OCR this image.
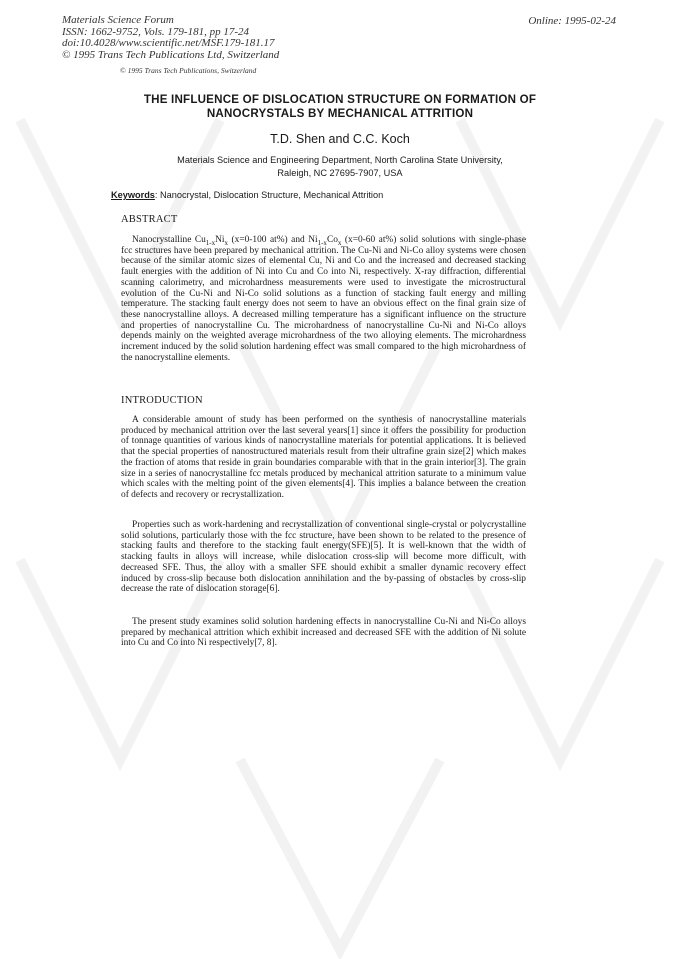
Materials Science Forum
ISSN: 1662-9752, Vols. 179-181, pp 17-24
doi:10.4028/www.scientific.net/MSF.179-181.17
© 1995 Trans Tech Publications Ltd, Switzerland
Online: 1995-02-24
© 1995 Trans Tech Publications, Switzerland
THE INFLUENCE OF DISLOCATION STRUCTURE ON FORMATION OF
NANOCRYSTALS BY MECHANICAL ATTRITION
T.D. Shen and C.C. Koch
Materials Science and Engineering Department, North Carolina State University,
Raleigh, NC 27695-7907, USA
Keywords: Nanocrystal, Dislocation Structure, Mechanical Attrition
ABSTRACT
Nanocrystalline $Cu_{1-x}Ni_x$ (x=0-100 at%) and $Ni_{1-x}Co_x$ (x=0-60 at%) solid solutions with single-phase fcc structures have been prepared by mechanical attrition. The Cu-Ni and Ni-Co alloy systems were chosen because of the similar atomic sizes of elemental Cu, Ni and Co and the increased and decreased stacking fault energies with the addition of Ni into Cu and Co into Ni, respectively. X-ray diffraction, differential scanning calorimetry, and microhardness measurements were used to investigate the microstructural evolution of the Cu-Ni and Ni-Co solid solutions as a function of stacking fault energy and milling temperature. The stacking fault energy does not seem to have an obvious effect on the final grain size of these nanocrystalline alloys. A decreased milling temperature has a significant influence on the structure and properties of nanocrystalline Cu. The microhardness of nanocrystalline Cu-Ni and Ni-Co alloys depends mainly on the weighted average microhardness of the two alloying elements. The microhardness increment induced by the solid solution hardening effect was small compared to the high microhardness of the nanocrystalline elements.
INTRODUCTION
A considerable amount of study has been performed on the synthesis of nanocrystalline materials produced by mechanical attrition over the last several years[1] since it offers the possibility for production of tonnage quantities of various kinds of nanocrystalline materials for potential applications. It is believed that the special properties of nanostructured materials result from their ultrafine grain size[2] which makes the fraction of atoms that reside in grain boundaries comparable with that in the grain interior[3]. The grain size in a series of nanocrystalline fcc metals produced by mechanical attrition saturate to a minimum value which scales with the melting point of the given elements[4]. This implies a balance between the creation of defects and recovery or recrystallization.
Properties such as work-hardening and recrystallization of conventional single-crystal or polycrystalline solid solutions, particularly those with the fcc structure, have been shown to be related to the presence of stacking faults and therefore to the stacking fault energy(SFE)[5]. It is well-known that the width of stacking faults in alloys will increase, while dislocation cross-slip will become more difficult, with decreased SFE. Thus, the alloy with a smaller SFE should exhibit a smaller dynamic recovery effect induced by cross-slip because both dislocation annihilation and the by-passing of obstacles by cross-slip decrease the rate of dislocation storage[6].
The present study examines solid solution hardening effects in nanocrystalline Cu-Ni and Ni-Co alloys prepared by mechanical attrition which exhibit increased and decreased SFE with the addition of Ni solute into Cu and Co into Ni respectively[7, 8].
